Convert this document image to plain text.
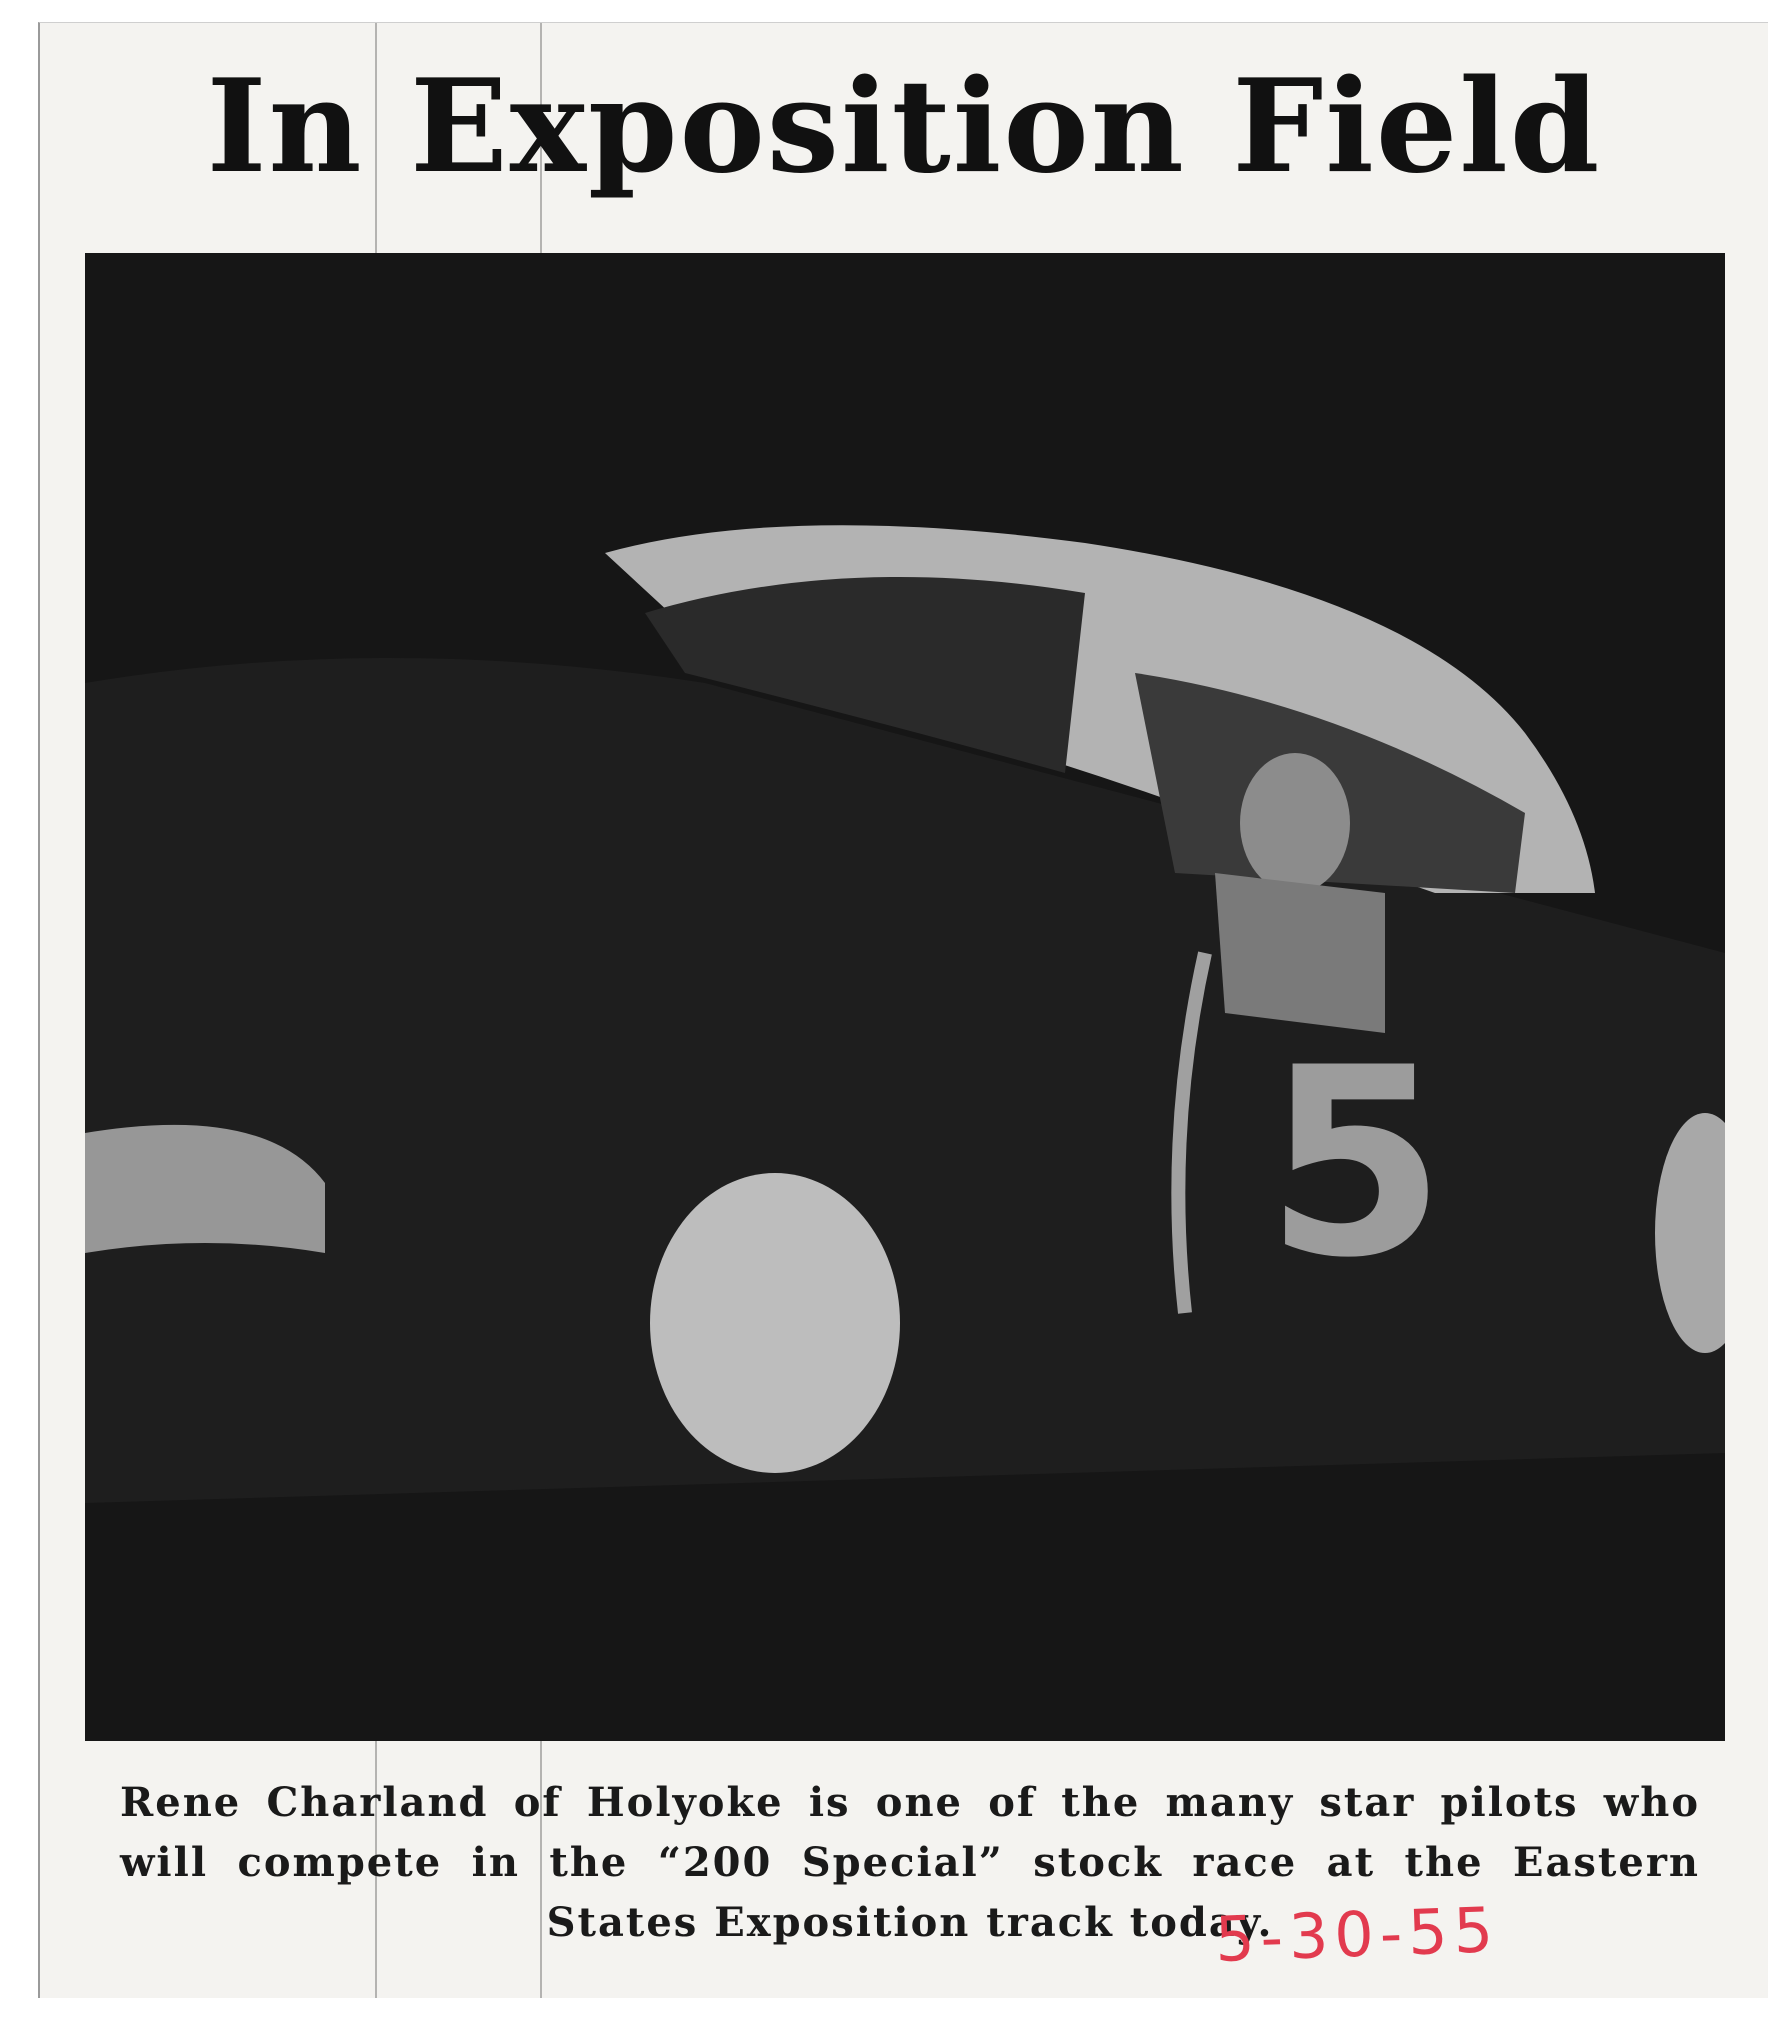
In Exposition Field
5
Rene Charland of Holyoke is one of the many star pilots who will compete in the “200 Special” stock race at the Eastern States Exposition track today.
5-30-55
